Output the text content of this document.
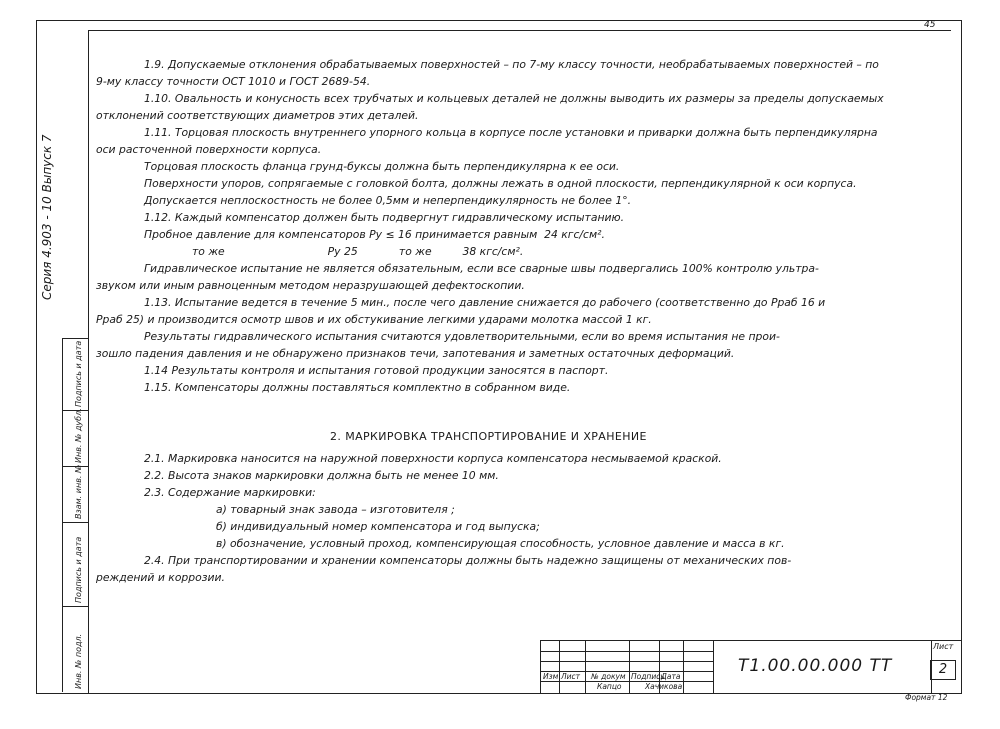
45
Серия 4.903 - 10 Выпуск 7
Подпись и дата
Инв. № дубл.
Взам. инв. №
Подпись и дата
Инв. № подл.

1.9. Допускаемые отклонения обрабатываемых поверхностей – по 7-му классу точности, необрабатываемых поверхностей – по

9-му классу точности ОСТ 1010 и ГОСТ 2689-54.

1.10. Овальность и конусность всех трубчатых и кольцевых деталей не должны выводить их размеры за пределы допускаемых

отклонений соответствующих диаметров этих деталей.

1.11. Торцовая плоскость внутреннего упорного кольца в корпусе после установки и приварки должна быть перпендикулярна

оси расточенной поверхности корпуса.

Торцовая плоскость фланца грунд-буксы должна быть перпендикулярна к ее оси.

Поверхности упоров, сопрягаемые с головкой болта, должны лежать в одной плоскости, перпендикулярной к оси корпуса.

Допускается неплоскостность не более 0,5мм и неперпендикулярность не более 1°.

1.12. Каждый компенсатор должен быть подвергнут гидравлическому испытанию.

Пробное давление для компенсаторов Ру ≤ 16 принимается равным  24 кгс/см².

то же                              Ру 25            то же         38 кгс/см².

Гидравлическое испытание не является обязательным, если все сварные швы подвергались 100% контролю ультра-

звуком или иным равноценным методом неразрушающей дефектоскопии.

1.13. Испытание ведется в течение 5 мин., после чего давление снижается до рабочего (соответственно до Рраб 16 и

Рраб 25) и производится осмотр швов и их обстукивание легкими ударами молотка массой 1 кг.

Результаты гидравлического испытания считаются удовлетворительными, если во время испытания не прои-

зошло падения давления и не обнаружено признаков течи, запотевания и заметных остаточных деформаций.

1.14 Результаты контроля и испытания готовой продукции заносятся в паспорт.

1.15. Компенсаторы должны поставляться комплектно в собранном виде.

2. МАРКИРОВКА ТРАНСПОРТИРОВАНИЕ И ХРАНЕНИЕ

2.1. Маркировка наносится на наружной поверхности корпуса компенсатора несмываемой краской.

2.2. Высота знаков маркировки должна быть не менее 10 мм.

2.3. Содержание маркировки:

а) товарный знак завода – изготовителя ;

б) индивидуальный номер компенсатора и год выпуска;

в) обозначение, условный проход, компенсирующая способность, условное давление и масса в кг.

2.4. При транспортировании и хранении компенсаторы должны быть надежно защищены от механических пов-

реждений и коррозии.

Изм Лист № докум Подпись
Дата
Капцо	Хачикова
Т1.00.00.000 ТТ
Лист
2
Формат 12
